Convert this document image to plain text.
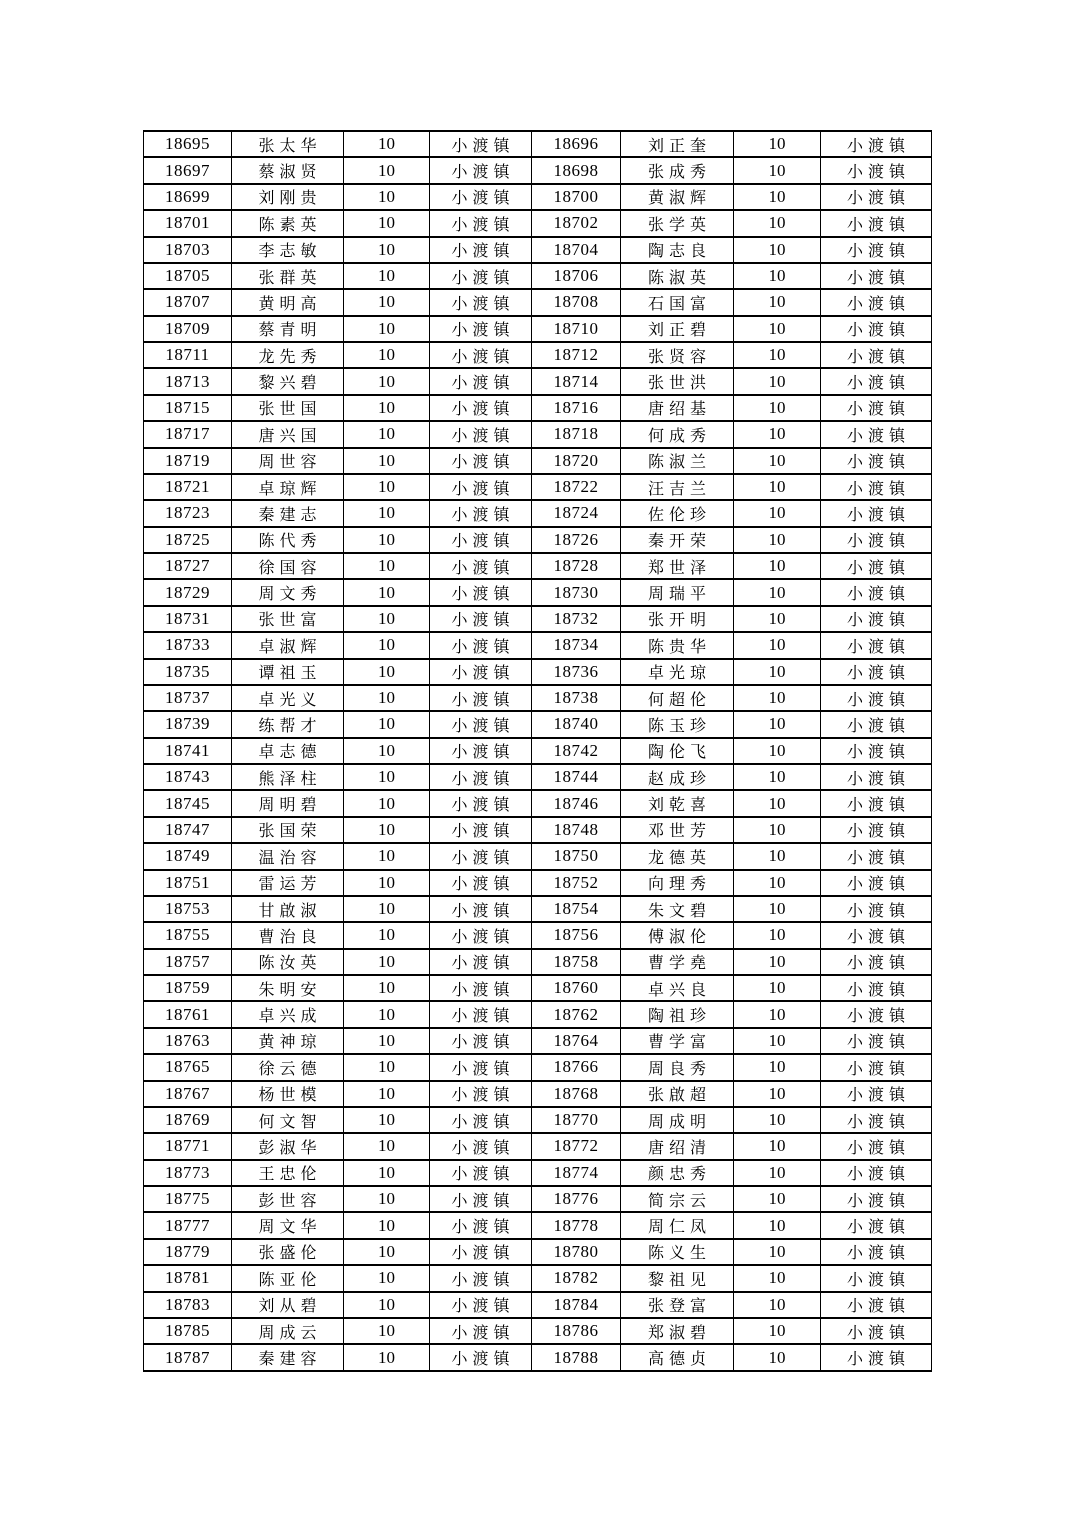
18695	张太华	10	小渡镇	18696	刘正奎	10	小渡镇
18697	蔡淑贤	10	小渡镇	18698	张成秀	10	小渡镇
18699	刘刚贵	10	小渡镇	18700	黄淑辉	10	小渡镇
18701	陈素英	10	小渡镇	18702	张学英	10	小渡镇
18703	李志敏	10	小渡镇	18704	陶志良	10	小渡镇
18705	张群英	10	小渡镇	18706	陈淑英	10	小渡镇
18707	黄明高	10	小渡镇	18708	石国富	10	小渡镇
18709	蔡青明	10	小渡镇	18710	刘正碧	10	小渡镇
18711	龙先秀	10	小渡镇	18712	张贤容	10	小渡镇
18713	黎兴碧	10	小渡镇	18714	张世洪	10	小渡镇
18715	张世国	10	小渡镇	18716	唐绍基	10	小渡镇
18717	唐兴国	10	小渡镇	18718	何成秀	10	小渡镇
18719	周世容	10	小渡镇	18720	陈淑兰	10	小渡镇
18721	卓琼辉	10	小渡镇	18722	汪吉兰	10	小渡镇
18723	秦建志	10	小渡镇	18724	佐伦珍	10	小渡镇
18725	陈代秀	10	小渡镇	18726	秦开荣	10	小渡镇
18727	徐国容	10	小渡镇	18728	郑世泽	10	小渡镇
18729	周文秀	10	小渡镇	18730	周瑞平	10	小渡镇
18731	张世富	10	小渡镇	18732	张开明	10	小渡镇
18733	卓淑辉	10	小渡镇	18734	陈贵华	10	小渡镇
18735	谭祖玉	10	小渡镇	18736	卓光琼	10	小渡镇
18737	卓光义	10	小渡镇	18738	何超伦	10	小渡镇
18739	练帮才	10	小渡镇	18740	陈玉珍	10	小渡镇
18741	卓志德	10	小渡镇	18742	陶伦飞	10	小渡镇
18743	熊泽柱	10	小渡镇	18744	赵成珍	10	小渡镇
18745	周明碧	10	小渡镇	18746	刘乾喜	10	小渡镇
18747	张国荣	10	小渡镇	18748	邓世芳	10	小渡镇
18749	温治容	10	小渡镇	18750	龙德英	10	小渡镇
18751	雷运芳	10	小渡镇	18752	向理秀	10	小渡镇
18753	甘啟淑	10	小渡镇	18754	朱文碧	10	小渡镇
18755	曹治良	10	小渡镇	18756	傅淑伦	10	小渡镇
18757	陈汝英	10	小渡镇	18758	曹学堯	10	小渡镇
18759	朱明安	10	小渡镇	18760	卓兴良	10	小渡镇
18761	卓兴成	10	小渡镇	18762	陶祖珍	10	小渡镇
18763	黄神琼	10	小渡镇	18764	曹学富	10	小渡镇
18765	徐云德	10	小渡镇	18766	周良秀	10	小渡镇
18767	杨世模	10	小渡镇	18768	张啟超	10	小渡镇
18769	何文智	10	小渡镇	18770	周成明	10	小渡镇
18771	彭淑华	10	小渡镇	18772	唐绍清	10	小渡镇
18773	王忠伦	10	小渡镇	18774	颜忠秀	10	小渡镇
18775	彭世容	10	小渡镇	18776	简宗云	10	小渡镇
18777	周文华	10	小渡镇	18778	周仁凤	10	小渡镇
18779	张盛伦	10	小渡镇	18780	陈义生	10	小渡镇
18781	陈亚伦	10	小渡镇	18782	黎祖见	10	小渡镇
18783	刘从碧	10	小渡镇	18784	张登富	10	小渡镇
18785	周成云	10	小渡镇	18786	郑淑碧	10	小渡镇
18787	秦建容	10	小渡镇	18788	高德贞	10	小渡镇
